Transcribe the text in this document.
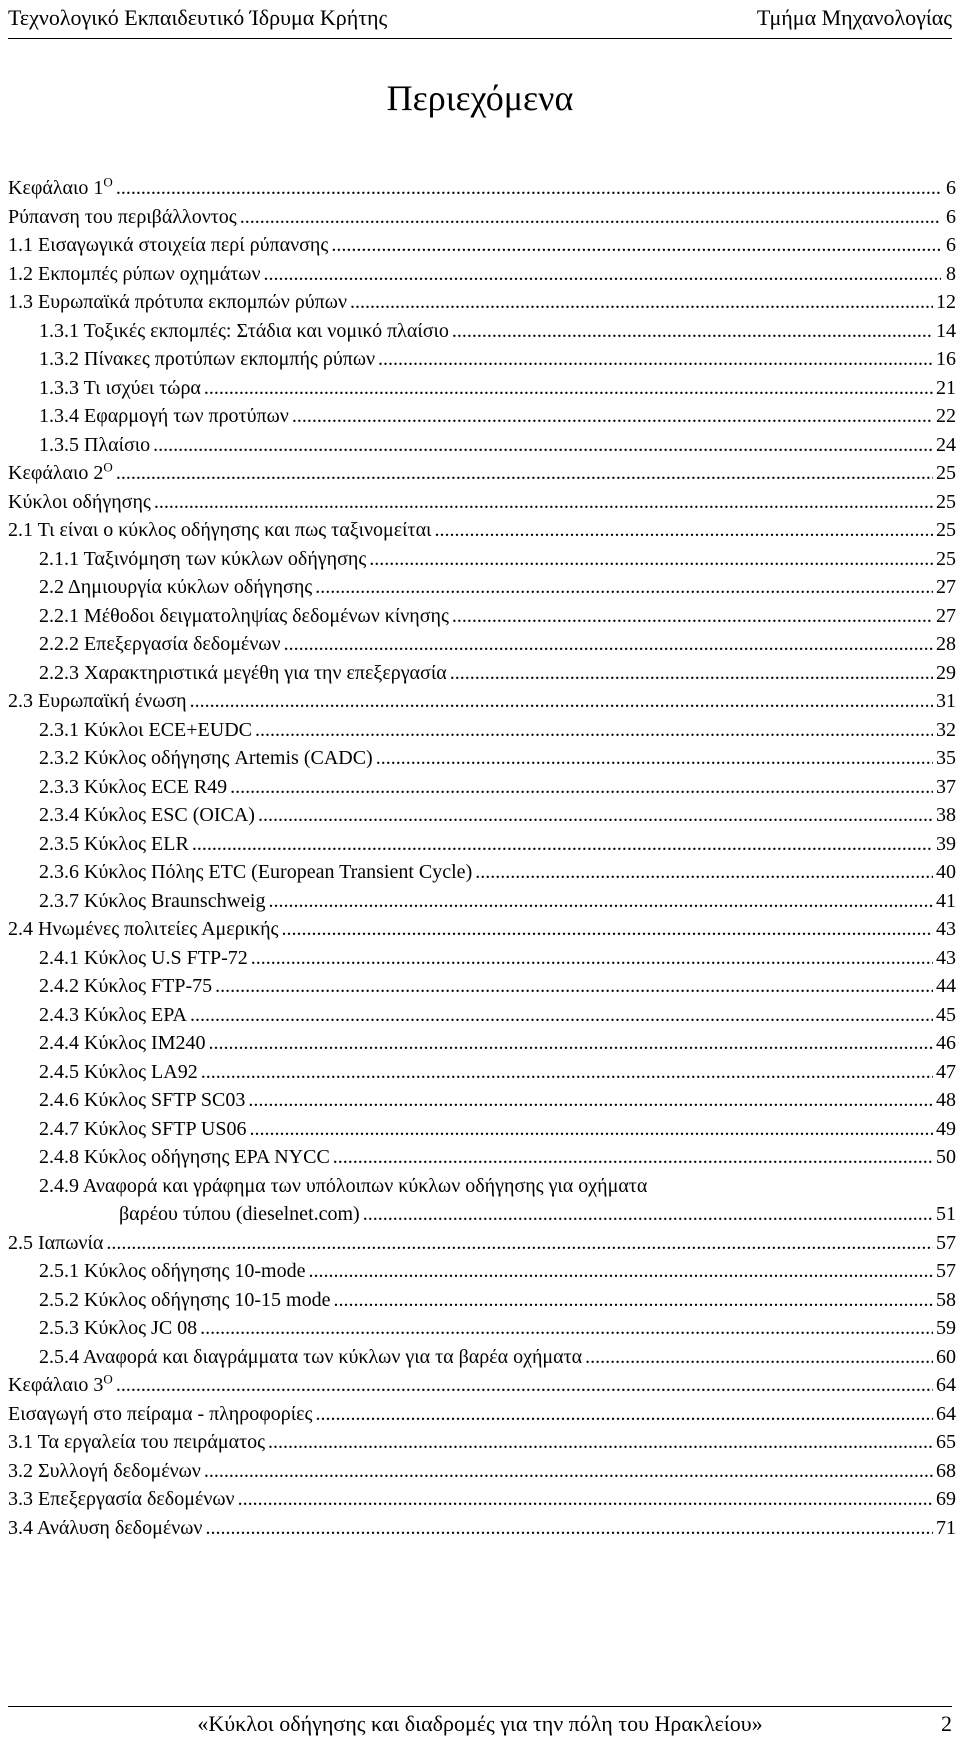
Τεχνολογικό Εκπαιδευτικό Ίδρυμα Κρήτης	Τμήμα Μηχανολογίας
Περιεχόμενα
Κεφάλαιο $1^O$ .....	6
Ρύπανση του περιβάλλοντος .....	6
1.1 Εισαγωγικά στοιχεία περί ρύπανσης .....	6
1.2 Εκπομπές ρύπων οχημάτων .....	8
1.3 Ευρωπαϊκά πρότυπα εκπομπών ρύπων .....	12
1.3.1 Τοξικές εκπομπές: Στάδια και νομικό πλαίσιο .....	14
1.3.2 Πίνακες προτύπων εκπομπής ρύπων .....	16
1.3.3 Τι ισχύει τώρα .....	21
1.3.4 Εφαρμογή των προτύπων .....	22
1.3.5 Πλαίσιο .....	24
Κεφάλαιο $2^O$ .....	25
Κύκλοι οδήγησης .....	25
2.1 Τι είναι ο κύκλος οδήγησης και πως ταξινομείται .....	25
2.1.1 Ταξινόμηση των κύκλων οδήγησης .....	25
2.2 Δημιουργία κύκλων οδήγησης .....	27
2.2.1 Μέθοδοι δειγματοληψίας δεδομένων κίνησης .....	27
2.2.2 Επεξεργασία δεδομένων .....	28
2.2.3 Χαρακτηριστικά μεγέθη για την επεξεργασία .....	29
2.3 Ευρωπαϊκή ένωση .....	31
2.3.1 Κύκλοι ECE+EUDC .....	32
2.3.2 Κύκλος οδήγησης Artemis (CADC) .....	35
2.3.3 Κύκλος ECE R49 .....	37
2.3.4 Κύκλος ESC (OICA) .....	38
2.3.5 Κύκλος ELR .....	39
2.3.6 Κύκλος Πόλης ETC (European Transient Cycle) .....	40
2.3.7 Κύκλος Braunschweig .....	41
2.4 Ηνωμένες πολιτείες Αμερικής .....	43
2.4.1 Κύκλος U.S FTP-72 .....	43
2.4.2 Κύκλος FTP-75 .....	44
2.4.3 Κύκλος EPA .....	45
2.4.4 Κύκλος IM240 .....	46
2.4.5 Κύκλος LA92 .....	47
2.4.6 Κύκλος SFTP SC03 .....	48
2.4.7 Κύκλος SFTP US06 .....	49
2.4.8 Κύκλος οδήγησης EPA NYCC .....	50
2.4.9 Αναφορά και γράφημα των υπόλοιπων κύκλων οδήγησης για οχήματα
βαρέου τύπου (dieselnet.com) .....	51
2.5 Ιαπωνία .....	57
2.5.1 Κύκλος οδήγησης 10-mode .....	57
2.5.2 Κύκλος οδήγησης 10-15 mode .....	58
2.5.3 Κύκλος JC 08 .....	59
2.5.4 Αναφορά και διαγράμματα των κύκλων για τα βαρέα οχήματα .....	60
Κεφάλαιο $3^O$ .....	64
Εισαγωγή στο πείραμα - πληροφορίες .....	64
3.1 Τα εργαλεία του πειράματος .....	65
3.2 Συλλογή δεδομένων .....	68
3.3 Επεξεργασία δεδομένων .....	69
3.4 Ανάλυση δεδομένων .....	71
«Κύκλοι οδήγησης και διαδρομές για την πόλη του Ηρακλείου»	2
